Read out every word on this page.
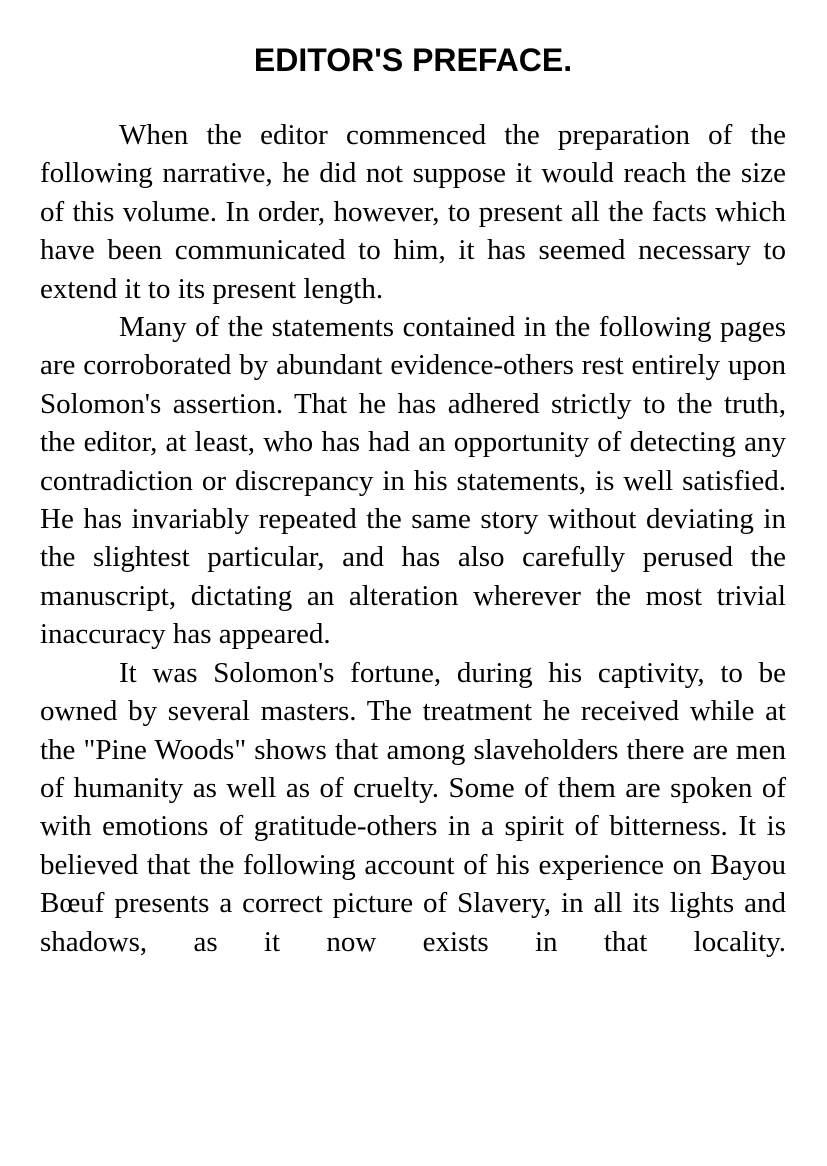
EDITOR'S PREFACE.

When the editor commenced the preparation of the following narrative, he did not suppose it would reach the size of this volume. In order, however, to present all the facts which have been communicated to him, it has seemed necessary to extend it to its present length.

Many of the statements contained in the following pages are corroborated by abundant evidence-others rest entirely upon Solomon's assertion. That he has adhered strictly to the truth, the editor, at least, who has had an opportunity of detecting any contradiction or discrepancy in his statements, is well satisfied. He has invariably repeated the same story without deviating in the slightest particular, and has also carefully perused the manuscript, dictating an alteration wherever the most trivial inaccuracy has appeared.

It was Solomon's fortune, during his captivity, to be owned by several masters. The treatment he received while at the "Pine Woods" shows that among slaveholders there are men of humanity as well as of cruelty. Some of them are spoken of with emotions of gratitude-others in a spirit of bitterness. It is believed that the following account of his experience on Bayou Bœuf presents a correct picture of Slavery, in all its lights and shadows, as it now exists in that locality.
